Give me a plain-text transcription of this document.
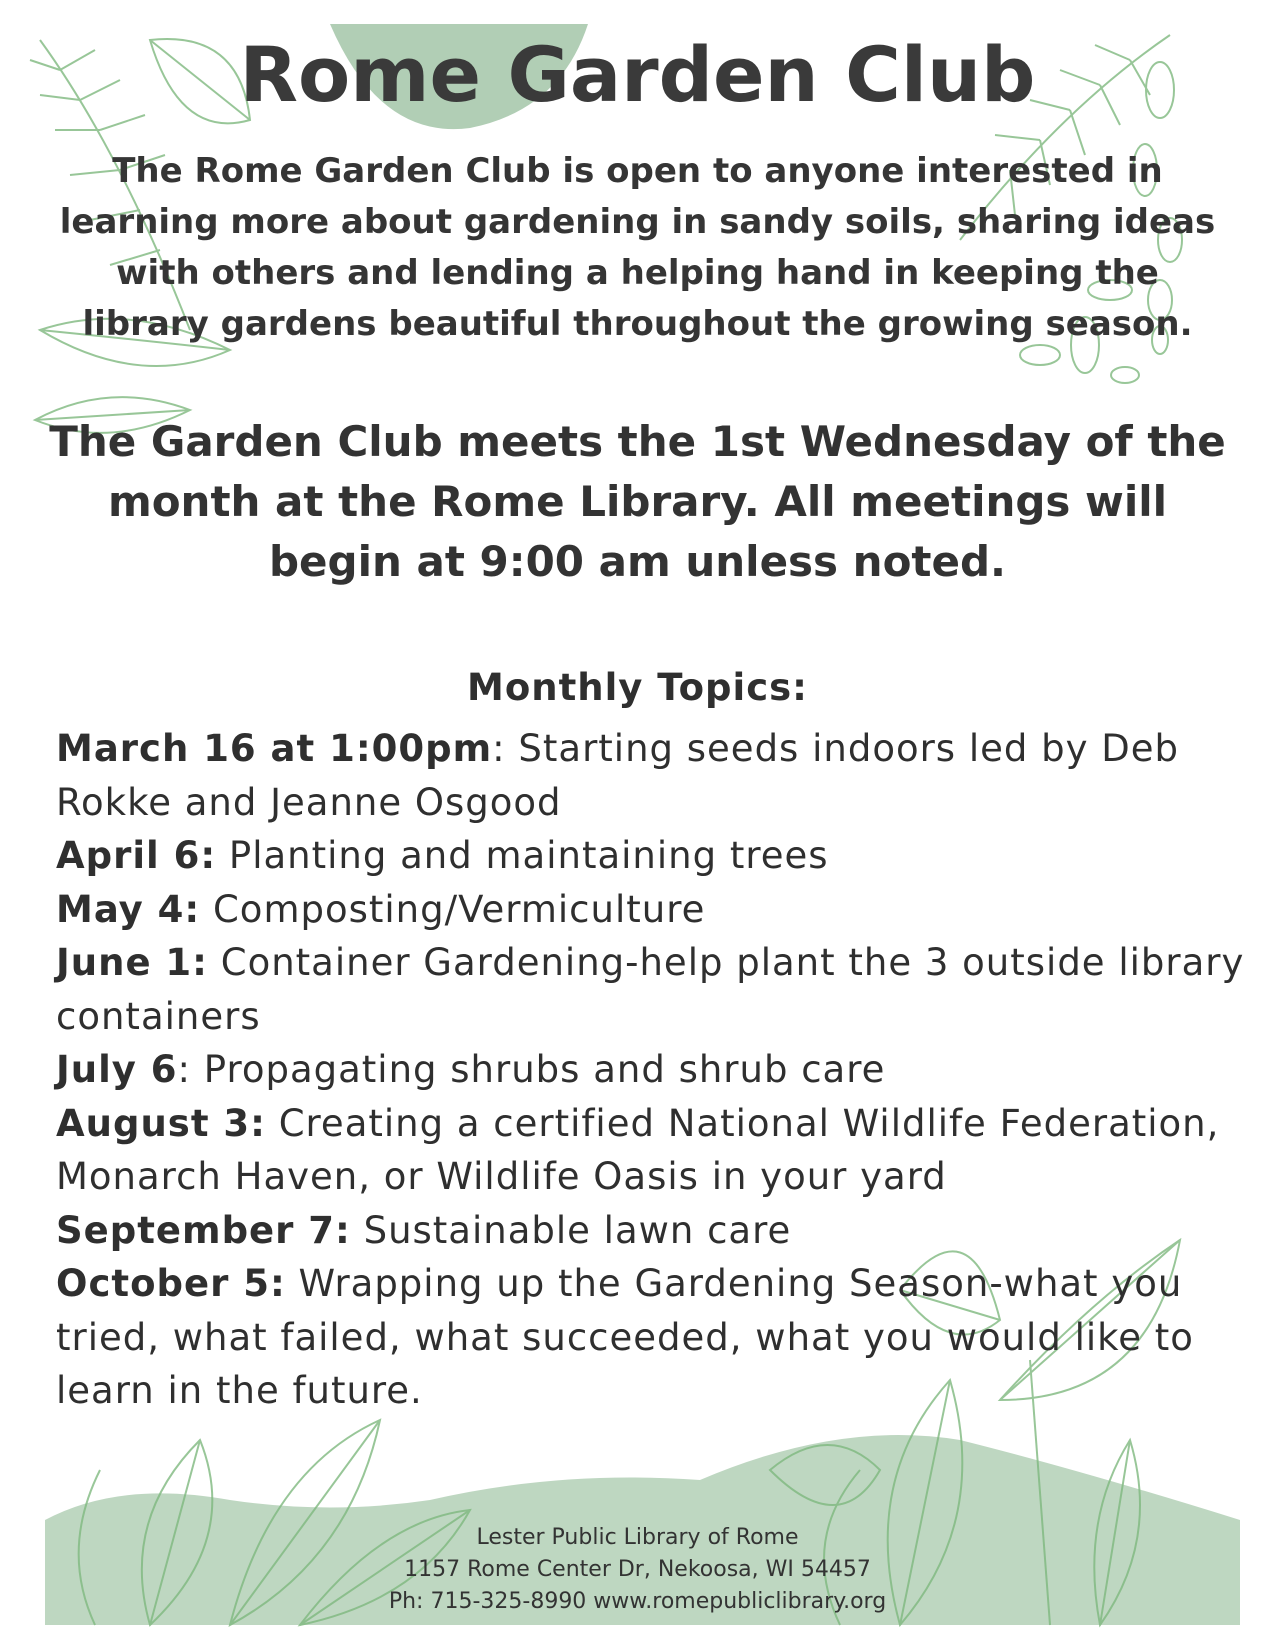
Rome Garden Club

The Rome Garden Club is open to anyone interested in learning more about gardening in sandy soils, sharing ideas with others and lending a helping hand in keeping the library gardens beautiful throughout the growing season.

The Garden Club meets the 1st Wednesday of the month at the Rome Library. All meetings will begin at 9:00 am unless noted.

Monthly Topics:
March 16 at 1:00pm: Starting seeds indoors led by Deb Rokke and Jeanne Osgood
April 6: Planting and maintaining trees
May 4: Composting/Vermiculture
June 1: Container Gardening-help plant the 3 outside library containers
July 6: Propagating shrubs and shrub care
August 3: Creating a certified National Wildlife Federation, Monarch Haven, or Wildlife Oasis in your yard
September 7: Sustainable lawn care
October 5: Wrapping up the Gardening Season-what you tried, what failed, what succeeded, what you would like to learn in the future.
Lester Public Library of Rome
1157 Rome Center Dr, Nekoosa, WI 54457
Ph: 715-325-8990 www.romepubliclibrary.org
